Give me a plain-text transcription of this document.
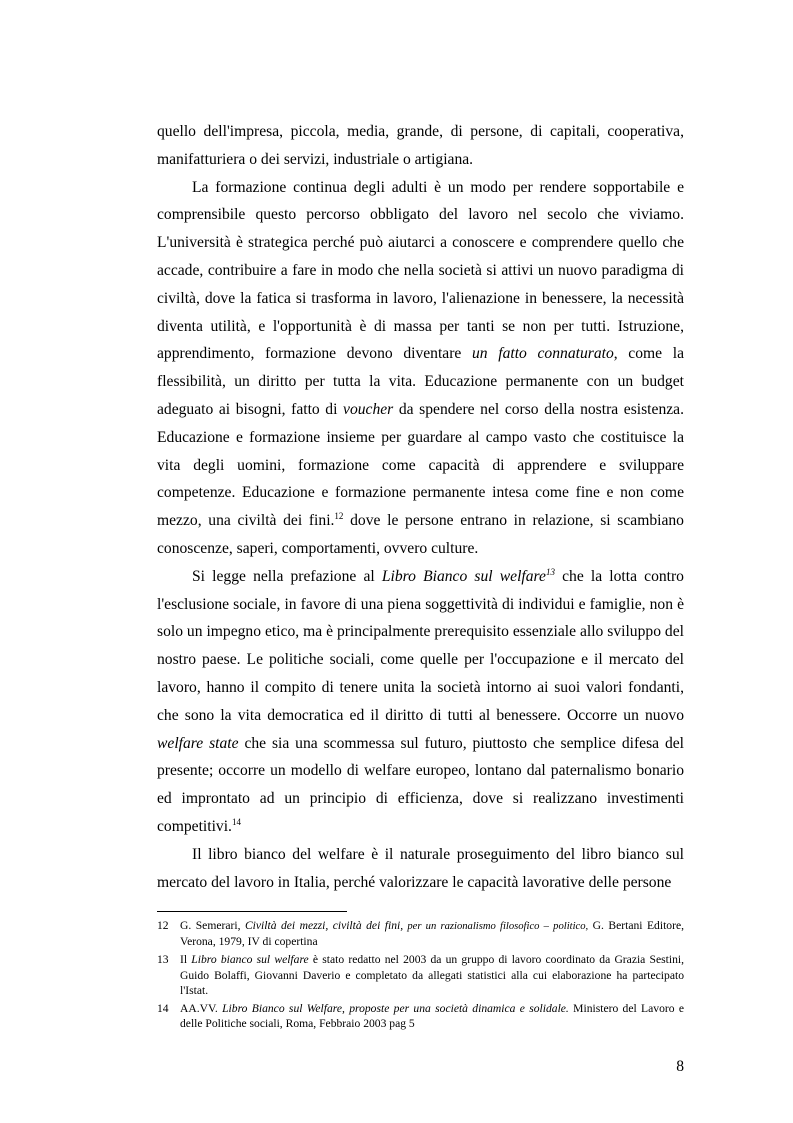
quello dell'impresa, piccola, media, grande, di persone, di capitali, cooperativa, manifatturiera o dei servizi, industriale o artigiana.

La formazione continua degli adulti è un modo per rendere sopportabile e comprensibile questo percorso obbligato del lavoro nel secolo che viviamo. L'università è strategica perché può aiutarci a conoscere e comprendere quello che accade, contribuire a fare in modo che nella società si attivi un nuovo paradigma di civiltà, dove la fatica si trasforma in lavoro, l'alienazione in benessere, la necessità diventa utilità, e l'opportunità è di massa per tanti se non per tutti. Istruzione, apprendimento, formazione devono diventare un fatto connaturato, come la flessibilità, un diritto per tutta la vita. Educazione permanente con un budget adeguato ai bisogni, fatto di voucher da spendere nel corso della nostra esistenza. Educazione e formazione insieme per guardare al campo vasto che costituisce la vita degli uomini, formazione come capacità di apprendere e sviluppare competenze. Educazione e formazione permanente intesa come fine e non come mezzo, una civiltà dei fini.$^{12}$ dove le persone entrano in relazione, si scambiano conoscenze, saperi, comportamenti, ovvero culture.

Si legge nella prefazione al Libro Bianco sul welfare$^{13}$ che la lotta contro l'esclusione sociale, in favore di una piena soggettività di individui e famiglie, non è solo un impegno etico, ma è principalmente prerequisito essenziale allo sviluppo del nostro paese. Le politiche sociali, come quelle per l'occupazione e il mercato del lavoro, hanno il compito di tenere unita la società intorno ai suoi valori fondanti, che sono la vita democratica ed il diritto di tutti al benessere. Occorre un nuovo welfare state che sia una scommessa sul futuro, piuttosto che semplice difesa del presente; occorre un modello di welfare europeo, lontano dal paternalismo bonario ed improntato ad un principio di efficienza, dove si realizzano investimenti competitivi.$^{14}$

Il libro bianco del welfare è il naturale proseguimento del libro bianco sul mercato del lavoro in Italia, perché valorizzare le capacità lavorative delle persone

12 G. Semerari, Civiltà dei mezzi, civiltà dei fini, per un razionalismo filosofico – politico, G. Bertani Editore, Verona, 1979, IV di copertina
13 Il Libro bianco sul welfare è stato redatto nel 2003 da un gruppo di lavoro coordinato da Grazia Sestini, Guido Bolaffi, Giovanni Daverio e completato da allegati statistici alla cui elaborazione ha partecipato l'Istat.
14 AA.VV. Libro Bianco sul Welfare, proposte per una società dinamica e solidale. Ministero del Lavoro e delle Politiche sociali, Roma, Febbraio 2003 pag 5
8
